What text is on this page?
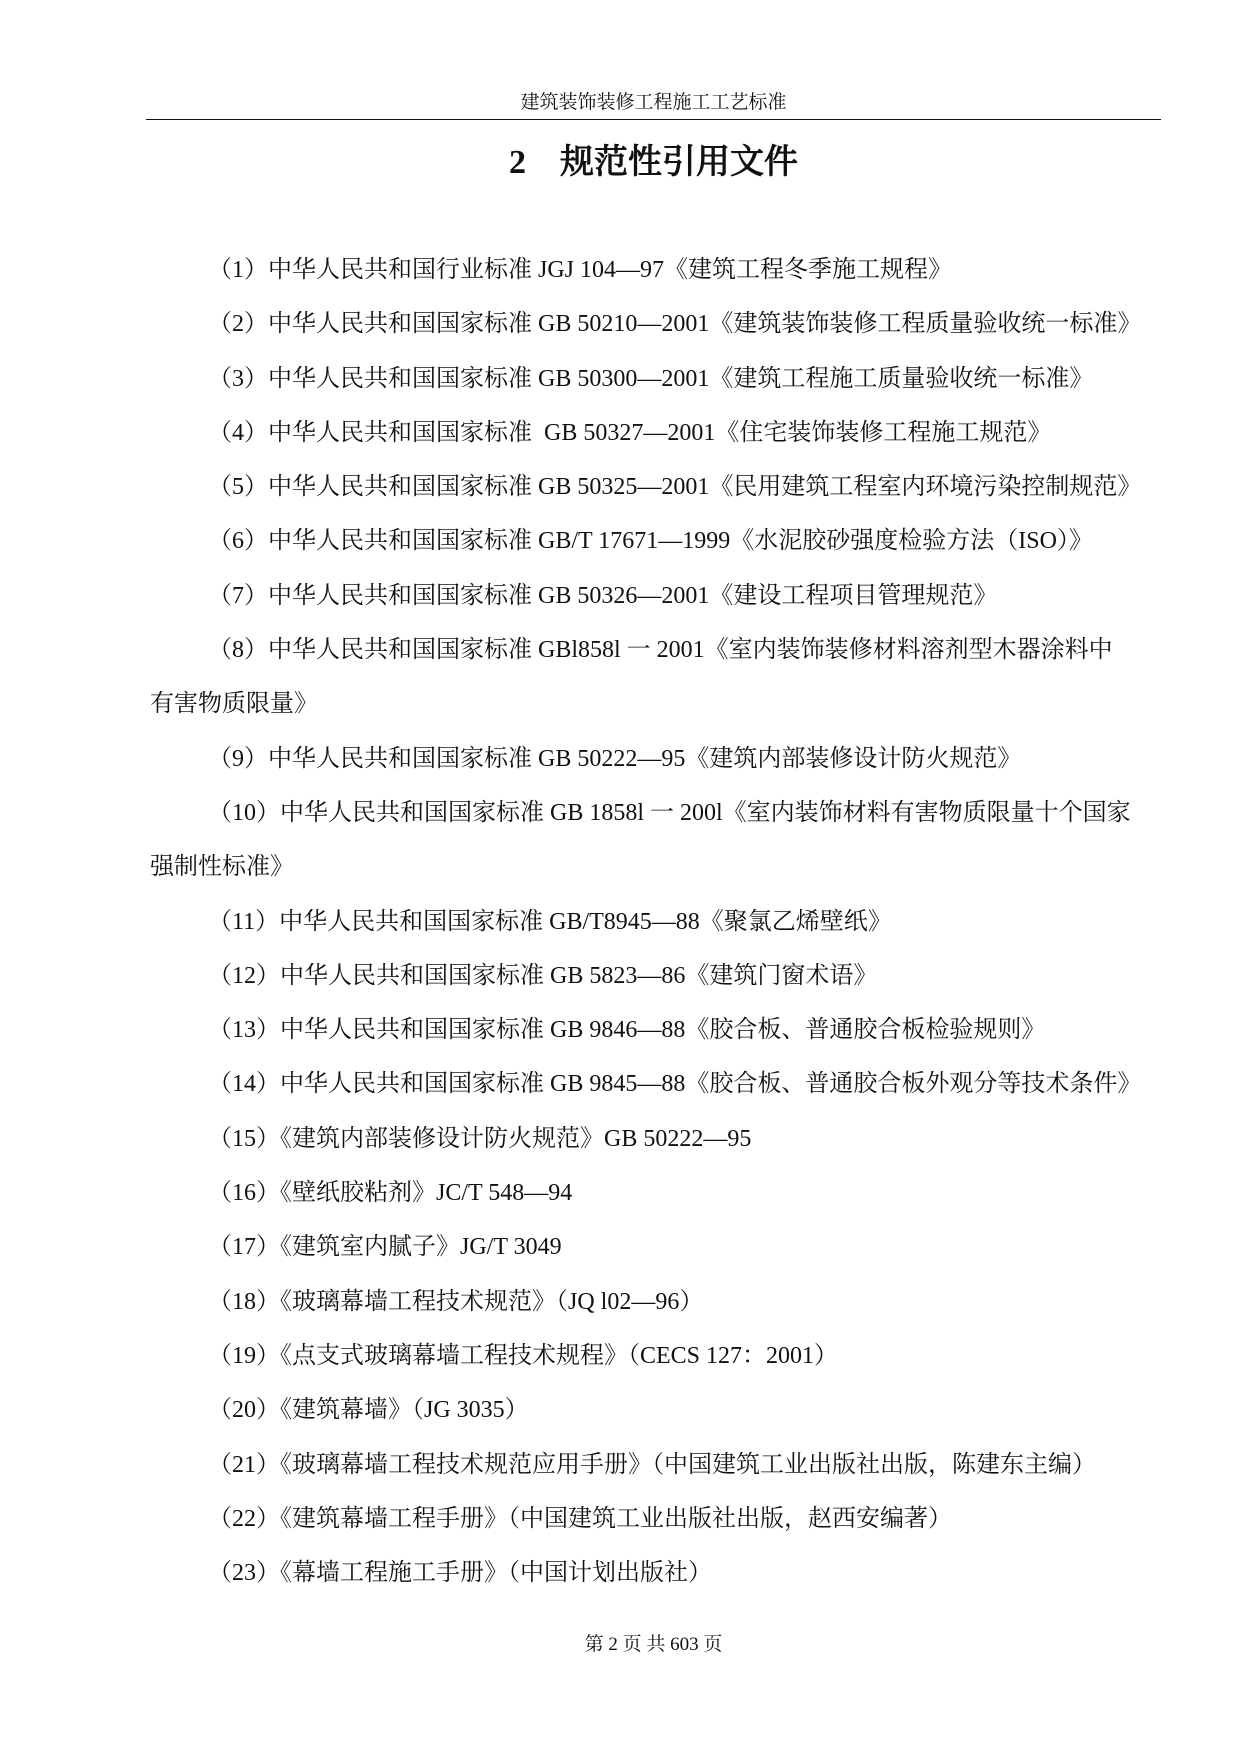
建筑装饰装修工程施工工艺标准
2 规范性引用文件
（1）中华人民共和国行业标准 JGJ 104—97《建筑工程冬季施工规程》
（2）中华人民共和国国家标准 GB 50210—2001《建筑装饰装修工程质量验收统一标准》
（3）中华人民共和国国家标准 GB 50300—2001《建筑工程施工质量验收统一标准》
（4）中华人民共和国国家标准  GB 50327—2001《住宅装饰装修工程施工规范》
（5）中华人民共和国国家标准 GB 50325—2001《民用建筑工程室内环境污染控制规范》
（6）中华人民共和国国家标准 GB/T 17671—1999《水泥胶砂强度检验方法（ISO）》
（7）中华人民共和国国家标准 GB 50326—2001《建设工程项目管理规范》
（8）中华人民共和国国家标准 GBl858l 一 2001《室内装饰装修材料溶剂型木器涂料中
有害物质限量》
（9）中华人民共和国国家标准 GB 50222—95《建筑内部装修设计防火规范》
（10）中华人民共和国国家标准 GB 1858l 一 200l《室内装饰材料有害物质限量十个国家
强制性标准》
（11）中华人民共和国国家标准 GB/T8945—88《聚氯乙烯壁纸》
（12）中华人民共和国国家标准 GB 5823—86《建筑门窗术语》
（13）中华人民共和国国家标准 GB 9846—88《胶合板、普通胶合板检验规则》
（14）中华人民共和国国家标准 GB 9845—88《胶合板、普通胶合板外观分等技术条件》
（15）《建筑内部装修设计防火规范》GB 50222—95
（16）《壁纸胶粘剂》JC/T 548—94
（17）《建筑室内腻子》JG/T 3049
（18）《玻璃幕墙工程技术规范》（JQ l02—96）
（19）《点支式玻璃幕墙工程技术规程》（CECS 127：2001）
（20）《建筑幕墙》（JG 3035）
（21）《玻璃幕墙工程技术规范应用手册》（中国建筑工业出版社出版，陈建东主编）
（22）《建筑幕墙工程手册》（中国建筑工业出版社出版，赵西安编著）
（23）《幕墙工程施工手册》（中国计划出版社）
第 2 页 共 603 页
